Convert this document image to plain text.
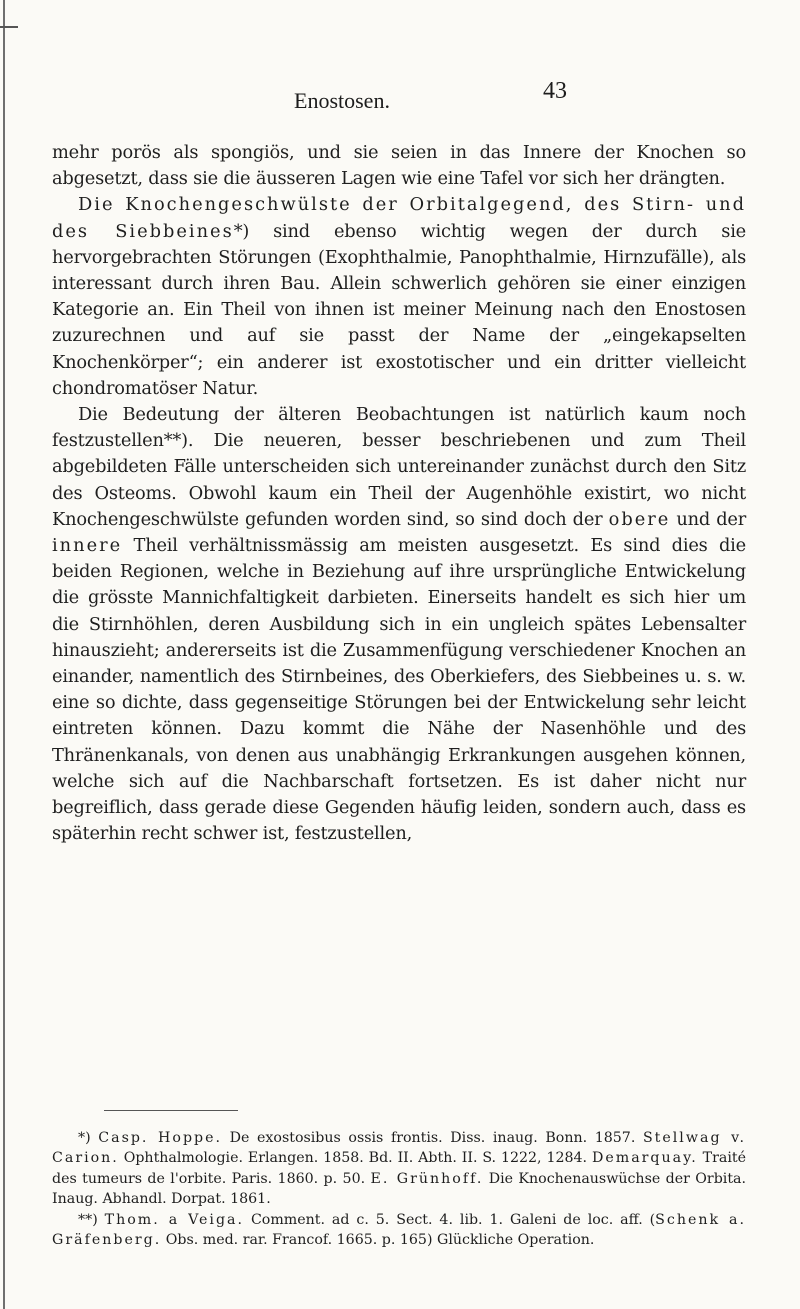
Enostosen.	43

mehr porös als spongiös, und sie seien in das Innere der Knochen so abgesetzt, dass sie die äusseren Lagen wie eine Tafel vor sich her drängten.

Die Knochengeschwülste der Orbitalgegend, des Stirn- und des Siebbeines*) sind ebenso wichtig wegen der durch sie hervorgebrachten Störungen (Exophthalmie, Panophthalmie, Hirnzufälle), als interessant durch ihren Bau. Allein schwerlich gehören sie einer einzigen Kategorie an. Ein Theil von ihnen ist meiner Meinung nach den Enostosen zuzurechnen und auf sie passt der Name der „eingekapselten Knochenkörper“; ein anderer ist exostotischer und ein dritter vielleicht chondromatöser Natur.

Die Bedeutung der älteren Beobachtungen ist natürlich kaum noch festzustellen**). Die neueren, besser beschriebenen und zum Theil abgebildeten Fälle unterscheiden sich untereinander zunächst durch den Sitz des Osteoms. Obwohl kaum ein Theil der Augenhöhle existirt, wo nicht Knochengeschwülste gefunden worden sind, so sind doch der obere und der innere Theil verhältnissmässig am meisten ausgesetzt. Es sind dies die beiden Regionen, welche in Beziehung auf ihre ursprüngliche Entwickelung die grösste Mannichfaltigkeit darbieten. Einerseits handelt es sich hier um die Stirnhöhlen, deren Ausbildung sich in ein ungleich spätes Lebensalter hinauszieht; andererseits ist die Zusammenfügung verschiedener Knochen an einander, namentlich des Stirnbeines, des Oberkiefers, des Siebbeines u. s. w. eine so dichte, dass gegenseitige Störungen bei der Entwickelung sehr leicht eintreten können. Dazu kommt die Nähe der Nasenhöhle und des Thränenkanals, von denen aus unabhängig Erkrankungen ausgehen können, welche sich auf die Nachbarschaft fortsetzen. Es ist daher nicht nur begreiflich, dass gerade diese Gegenden häufig leiden, sondern auch, dass es späterhin recht schwer ist, festzustellen,

*) Casp. Hoppe. De exostosibus ossis frontis. Diss. inaug. Bonn. 1857. Stellwag v. Carion. Ophthalmologie. Erlangen. 1858. Bd. II. Abth. II. S. 1222, 1284. Demarquay. Traité des tumeurs de l'orbite. Paris. 1860. p. 50. E. Grünhoff. Die Knochenauswüchse der Orbita. Inaug. Abhandl. Dorpat. 1861.

**) Thom. a Veiga. Comment. ad c. 5. Sect. 4. lib. 1. Galeni de loc. aff. (Schenk a. Gräfenberg. Obs. med. rar. Francof. 1665. p. 165) Glückliche Operation.
